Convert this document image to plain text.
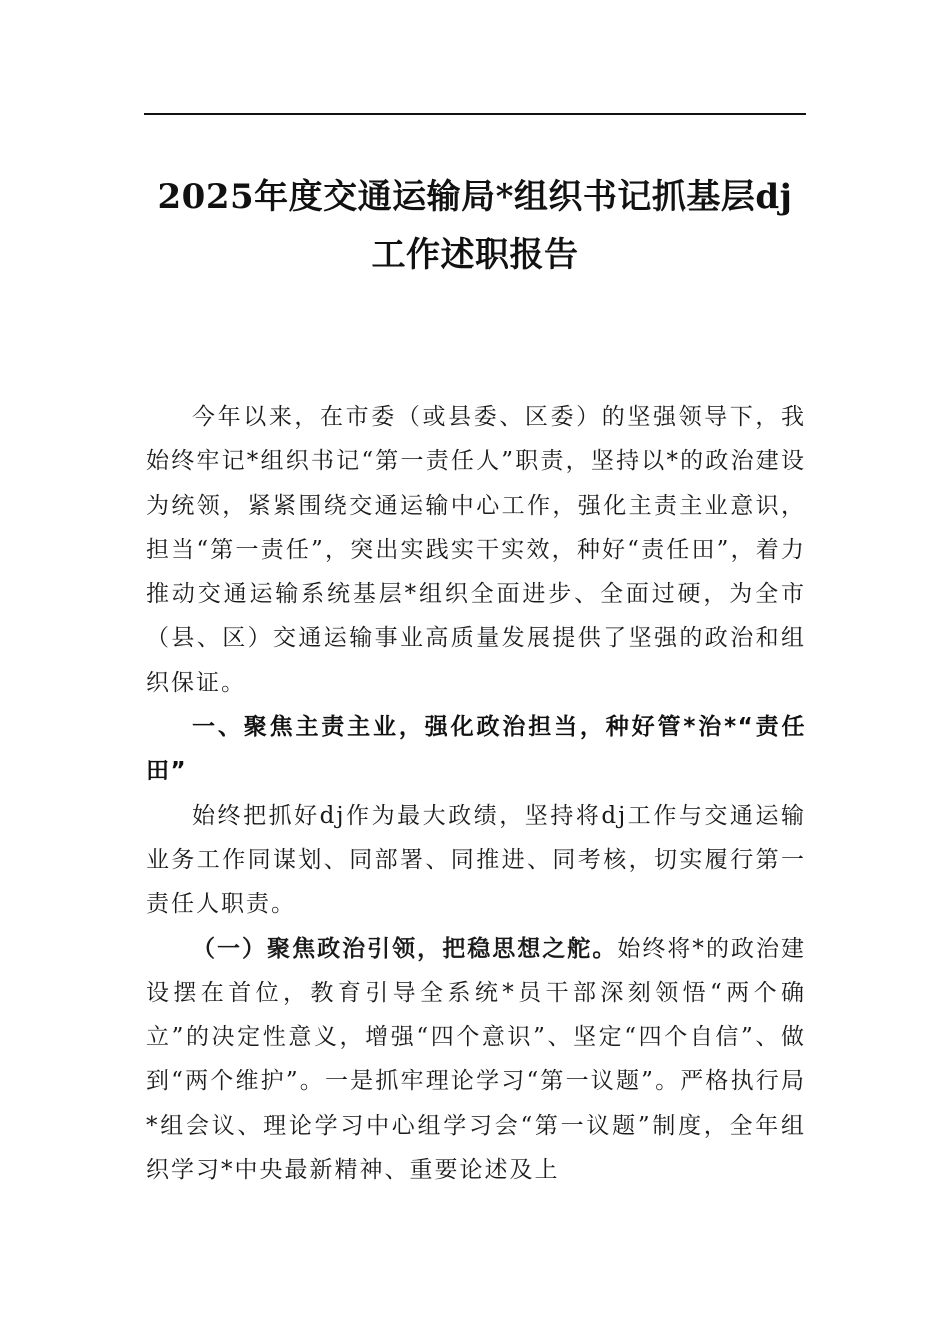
2025年度交通运输局*组织书记抓基层dj工作述职报告

今年以来，在市委（或县委、区委）的坚强领导下，我始终牢记*组织书记“第一责任人”职责，坚持以*的政治建设为统领，紧紧围绕交通运输中心工作，强化主责主业意识，担当“第一责任”，突出实践实干实效，种好“责任田”，着力推动交通运输系统基层*组织全面进步、全面过硬，为全市（县、区）交通运输事业高质量发展提供了坚强的政治和组织保证。

一、聚焦主责主业，强化政治担当，种好管*治*“责任田”

始终把抓好dj作为最大政绩，坚持将dj工作与交通运输业务工作同谋划、同部署、同推进、同考核，切实履行第一责任人职责。

（一）聚焦政治引领，把稳思想之舵。始终将*的政治建设摆在首位，教育引导全系统*员干部深刻领悟“两个确立”的决定性意义，增强“四个意识”、坚定“四个自信”、做到“两个维护”。一是抓牢理论学习“第一议题”。严格执行局*组会议、理论学习中心组学习会“第一议题”制度，全年组织学习*中央最新精神、重要论述及上
